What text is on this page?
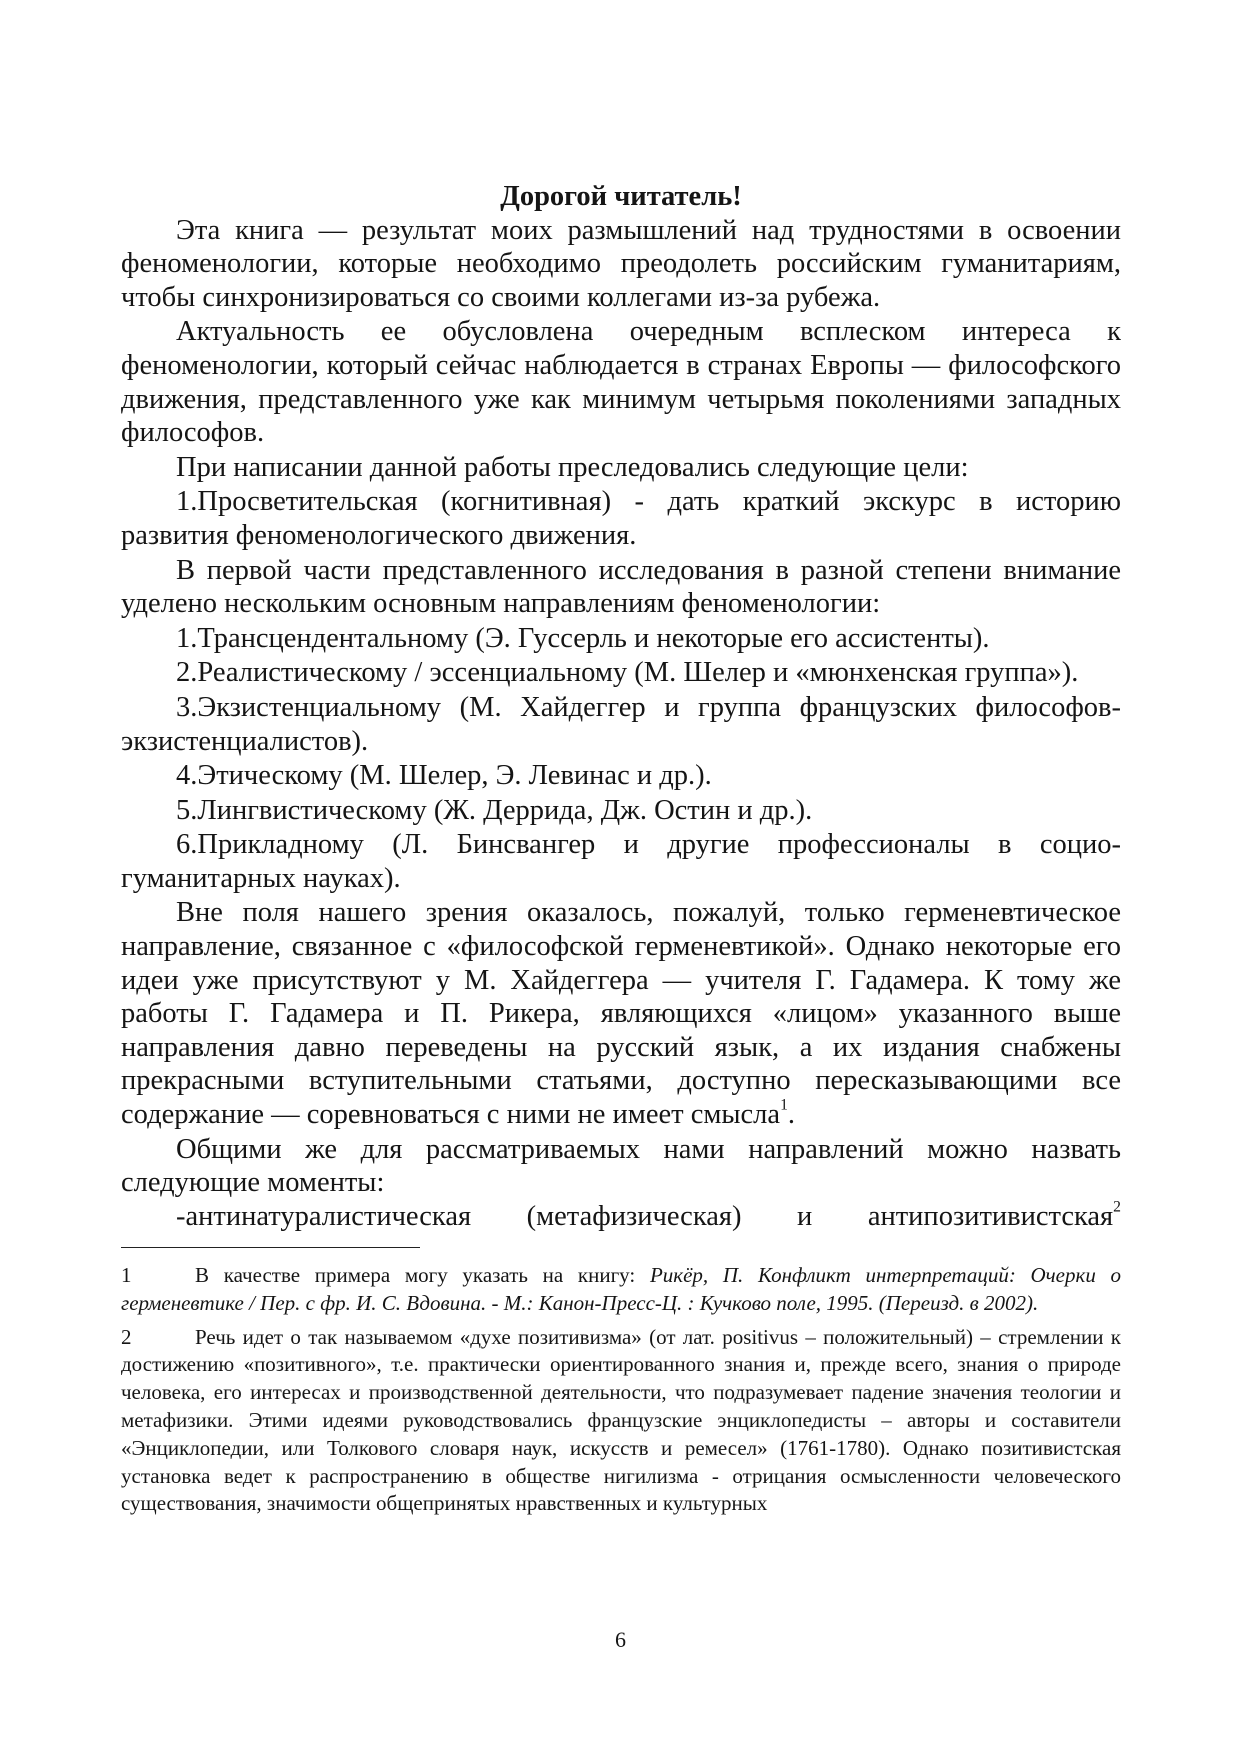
Дорогой читатель!

Эта книга — результат моих размышлений над трудностями в освоении феноменологии, которые необходимо преодолеть российским гуманитариям, чтобы синхронизироваться со своими коллегами из-за рубежа.

Актуальность ее обусловлена очередным всплеском интереса к феноменологии, который сейчас наблюдается в странах Европы — философского движения, представленного уже как минимум четырьмя поколениями западных философов.

При написании данной работы преследовались следующие цели:

1.Просветительская (когнитивная) - дать краткий экскурс в историю развития феноменологического движения.

В первой части представленного исследования в разной степени внимание уделено нескольким основным направлениям феноменологии:

1.Трансцендентальному (Э. Гуссерль и некоторые его ассистенты).

2.Реалистическому / эссенциальному (М. Шелер и «мюнхенская группа»).

3.Экзистенциальному (М. Хайдеггер и группа французских философов-экзистенциалистов).

4.Этическому (М. Шелер, Э. Левинас и др.).

5.Лингвистическому (Ж. Деррида, Дж. Остин и др.).

6.Прикладному (Л. Бинсвангер и другие профессионалы в социо-гуманитарных науках).

Вне поля нашего зрения оказалось, пожалуй, только герменевтическое направление, связанное с «философской герменевтикой». Однако некоторые его идеи уже присутствуют у М. Хайдеггера — учителя Г. Гадамера. К тому же работы Г. Гадамера и П. Рикера, являющихся «лицом» указанного выше направления давно переведены на русский язык, а их издания снабжены прекрасными вступительными статьями, доступно пересказывающими все содержание — соревноваться с ними не имеет смысла$^1$.

Общими же для рассматриваемых нами направлений можно назвать следующие моменты:

-антинатуралистическая (метафизическая) и антипозитивистская$^2$

1	В качестве примера могу указать на книгу: Рикёр, П. Конфликт интерпретаций: Очерки о герменевтике / Пер. с фр. И. С. Вдовина. - М.: Канон-Пресс-Ц. : Кучково поле, 1995. (Переизд. в 2002).

2	Речь идет о так называемом «духе позитивизма» (от лат. positivus – положительный) – стремлении к достижению «позитивного», т.е. практически ориентированного знания и, прежде всего, знания о природе человека, его интересах и производственной деятельности, что подразумевает падение значения теологии и метафизики. Этими идеями руководствовались французские энциклопедисты – авторы и составители «Энциклопедии, или Толкового словаря наук, искусств и ремесел» (1761-1780). Однако позитивистская установка ведет к распространению в обществе нигилизма - отрицания осмысленности человеческого существования, значимости общепринятых нравственных и культурных

6
